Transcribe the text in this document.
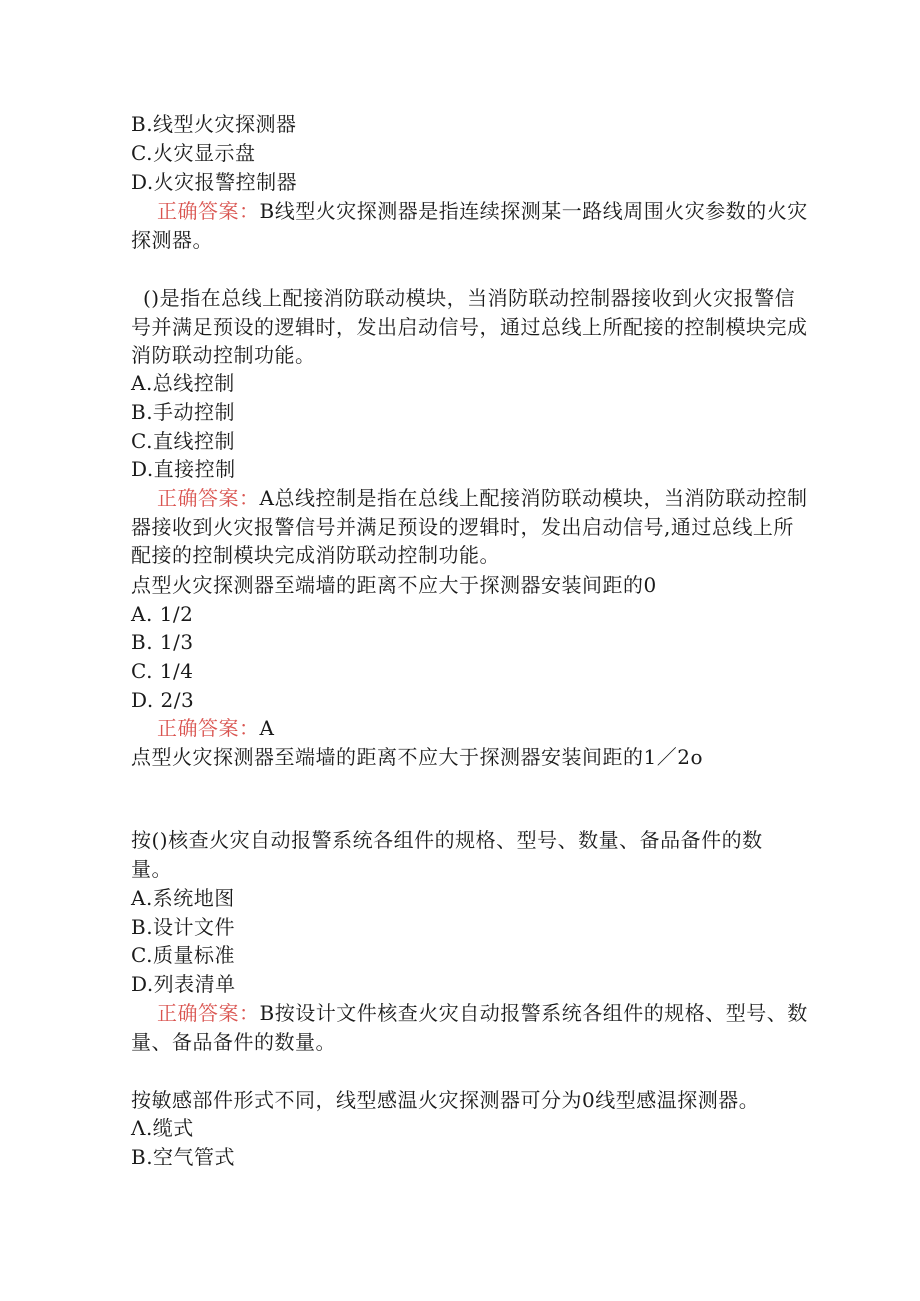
B.线型火灾探测器
C.火灾显示盘
D.火灾报警控制器
正确答案：B线型火灾探测器是指连续探测某一路线周围火灾参数的火灾
探测器。
()是指在总线上配接消防联动模块，当消防联动控制器接收到火灾报警信
号并满足预设的逻辑时，发出启动信号，通过总线上所配接的控制模块完成
消防联动控制功能。
A.总线控制
B.手动控制
C.直线控制
D.直接控制
正确答案：A总线控制是指在总线上配接消防联动模块，当消防联动控制
器接收到火灾报警信号并满足预设的逻辑时，发出启动信号,通过总线上所
配接的控制模块完成消防联动控制功能。
点型火灾探测器至端墙的距离不应大于探测器安装间距的0
A. 1/2
B. 1/3
C. 1/4
D. 2/3
正确答案：A
点型火灾探测器至端墙的距离不应大于探测器安装间距的1／2o
按()核查火灾自动报警系统各组件的规格、型号、数量、备品备件的数
量。
A.系统地图
B.设计文件
C.质量标准
D.列表清单
正确答案：B按设计文件核查火灾自动报警系统各组件的规格、型号、数
量、备品备件的数量。
按敏感部件形式不同，线型感温火灾探测器可分为0线型感温探测器。
Λ.缆式
B.空气管式
